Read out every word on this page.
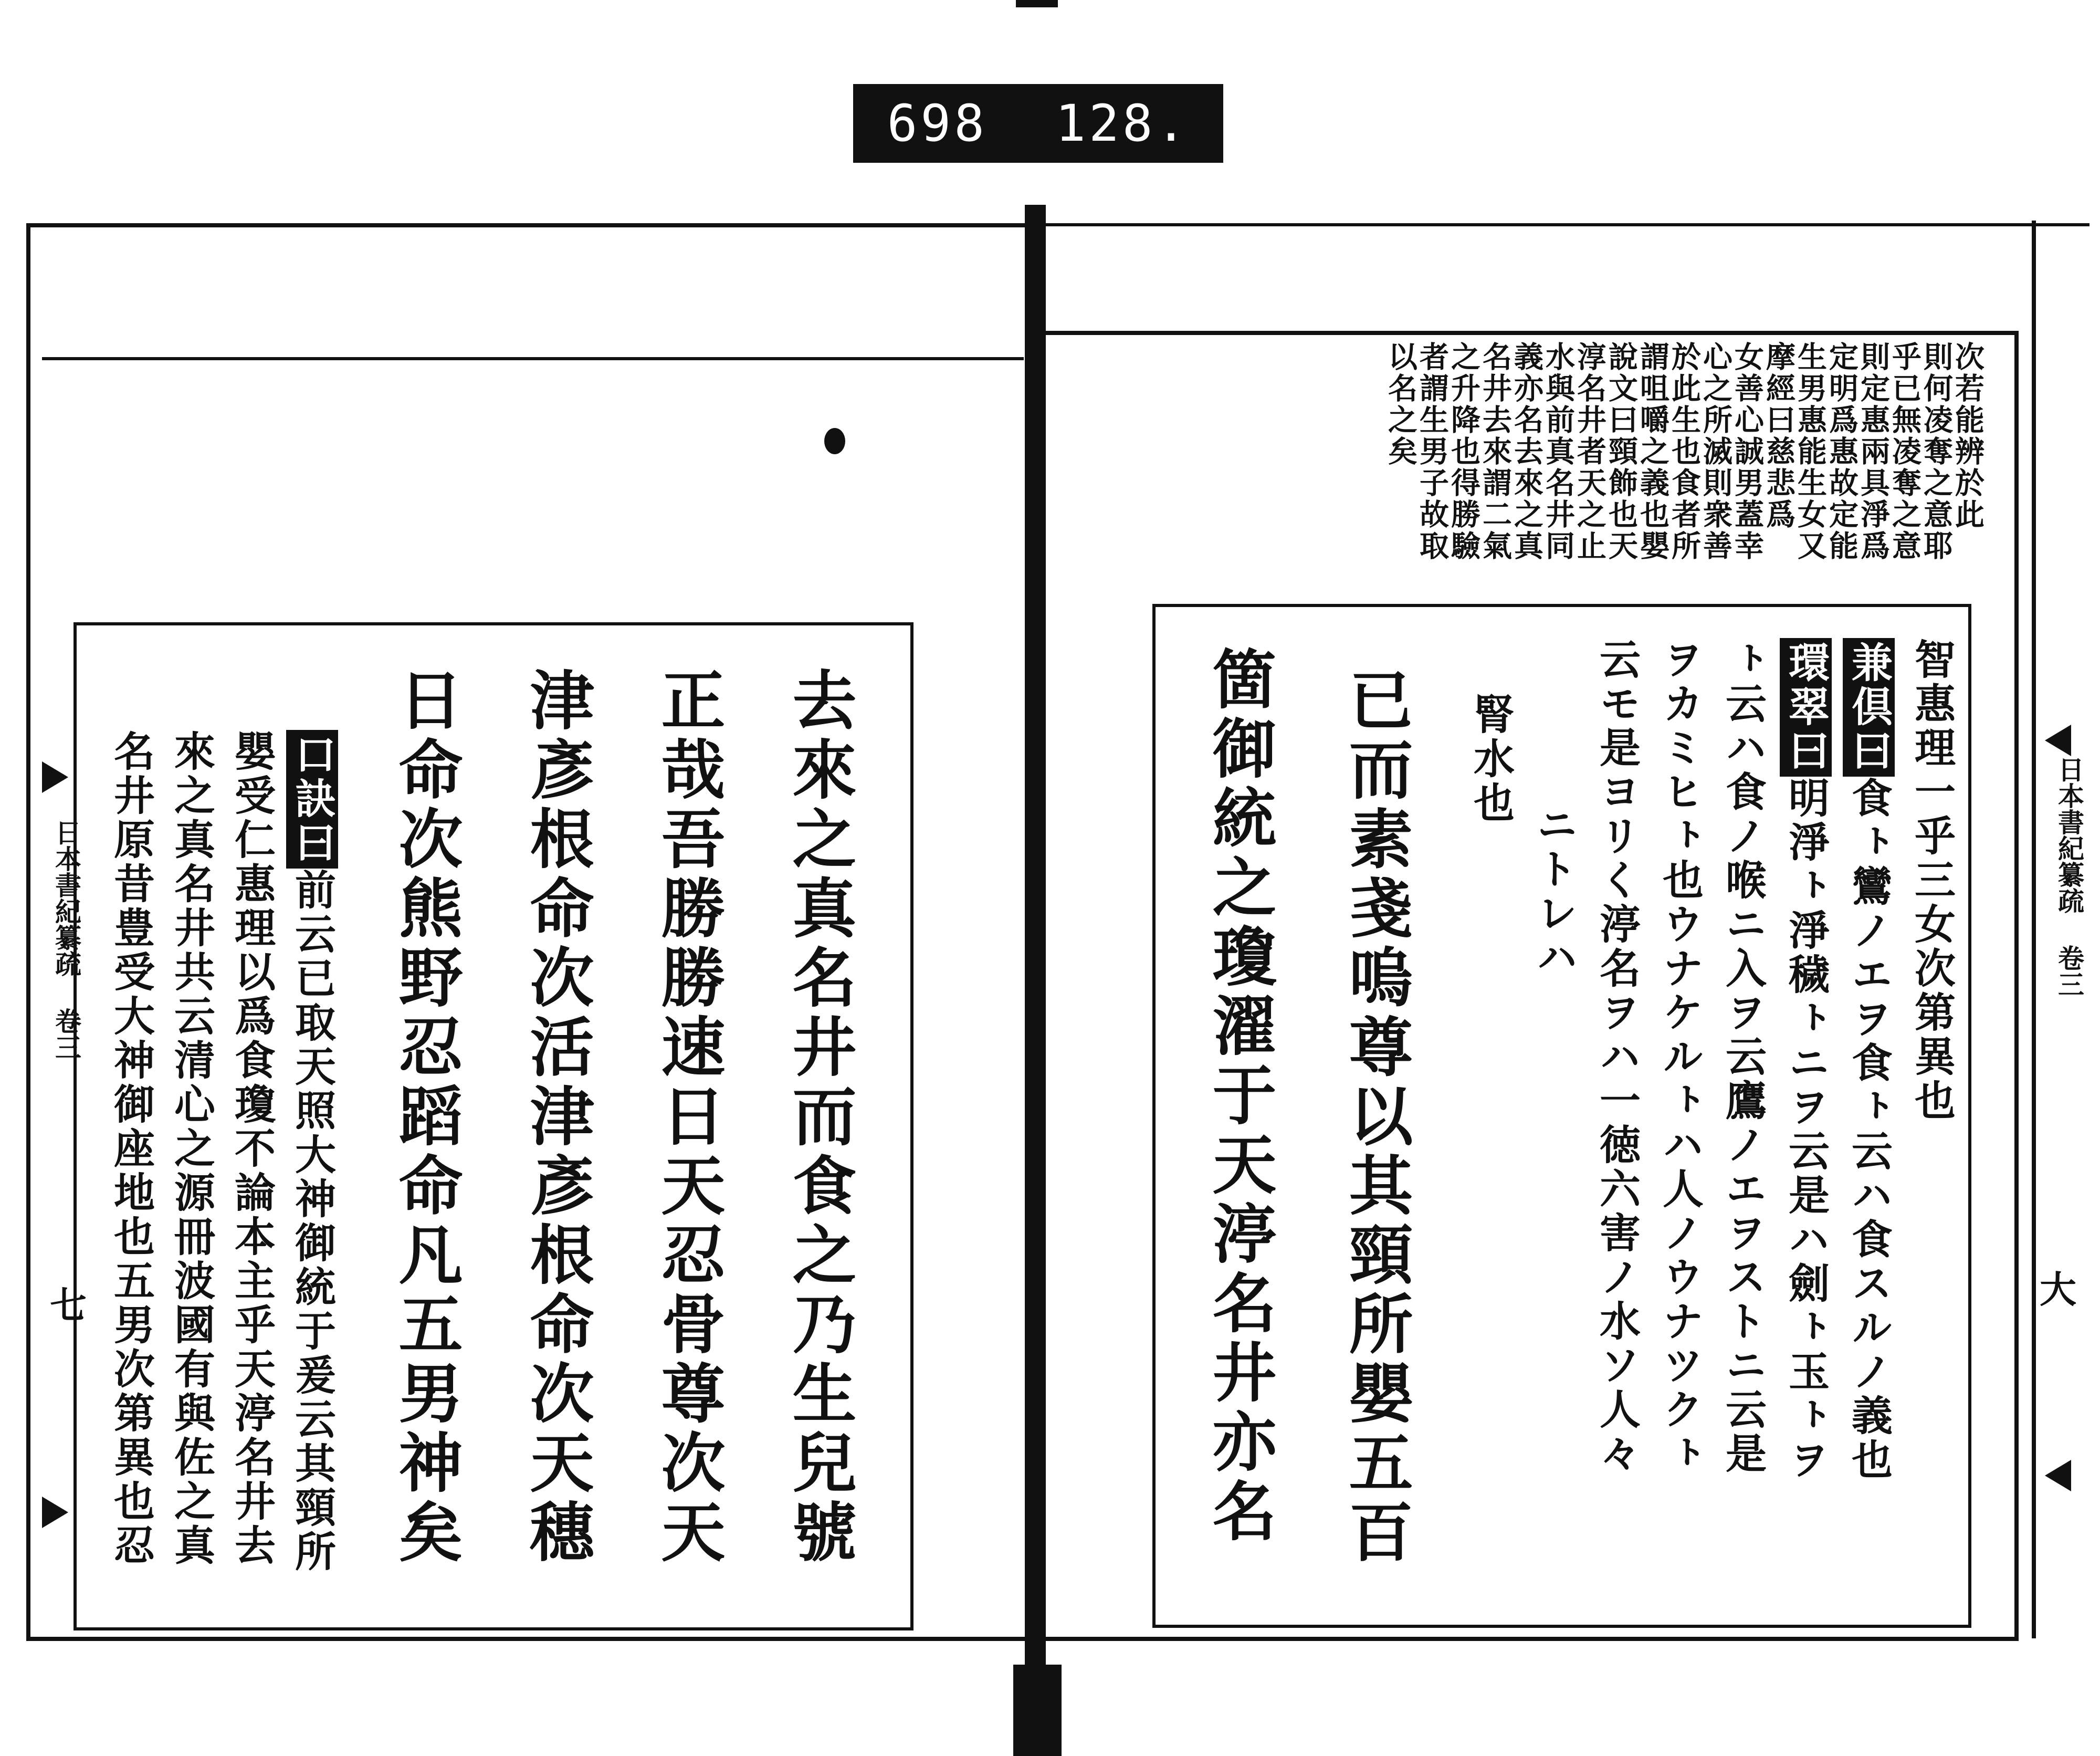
698 128.
日本書紀纂疏 卷三
七	去來之真名井而食之乃生兒號
正哉吾勝勝速日天忍骨尊次天
津彥根命次活津彥根命次天穗
日命次熊野忍蹈命凡五男神矣
口訣曰前云已取天照大神御統于爰云其頸所
嬰受仁惠理以爲食瓊不論本主乎天渟名井去
來之真名井共云清心之源冊波國有與佐之真
名井原昔豊受大神御座地也五男次第異也忍	日本書紀纂疏 卷三
大
次若能辨於此
則何凌奪之意耶
乎已無凌奪之意
則定惠兩具淨爲
定明爲惠故定能
生男惠能生女又
摩經曰慈悲爲
女善心誠男蓋幸
心之所滅則衆善
於此生也食者所
謂咀嚼之義也嬰
說文曰頸飾也天
淳名井者天之止
水與前真名井同
義亦名去來之真
名井去來謂二氣
之升降也得勝驗
者謂生男子故取
以名之矣
智惠理一乎三女次第異也
兼倶曰食ㇳ鸞ノエヲ食ㇳ云ハ食スルノ義也
環翠曰明淨ㇳ淨穢ㇳニヲ云是ハ劍ㇳ玉ㇳヲ
ㇳ云ハ食ノ喉ニ入ヲ云鷹ノエヲストニ云是
ヲカミヒㇳ也ウナケルㇳハ人ノウナツクㇳ
云モ是ヨリく渟名ヲハ一徳六害ノ水ソ人々
ニトレハ
腎水也
已而素戔嗚尊以其頸所嬰五百
箇御統之瓊濯于天渟名井亦名
